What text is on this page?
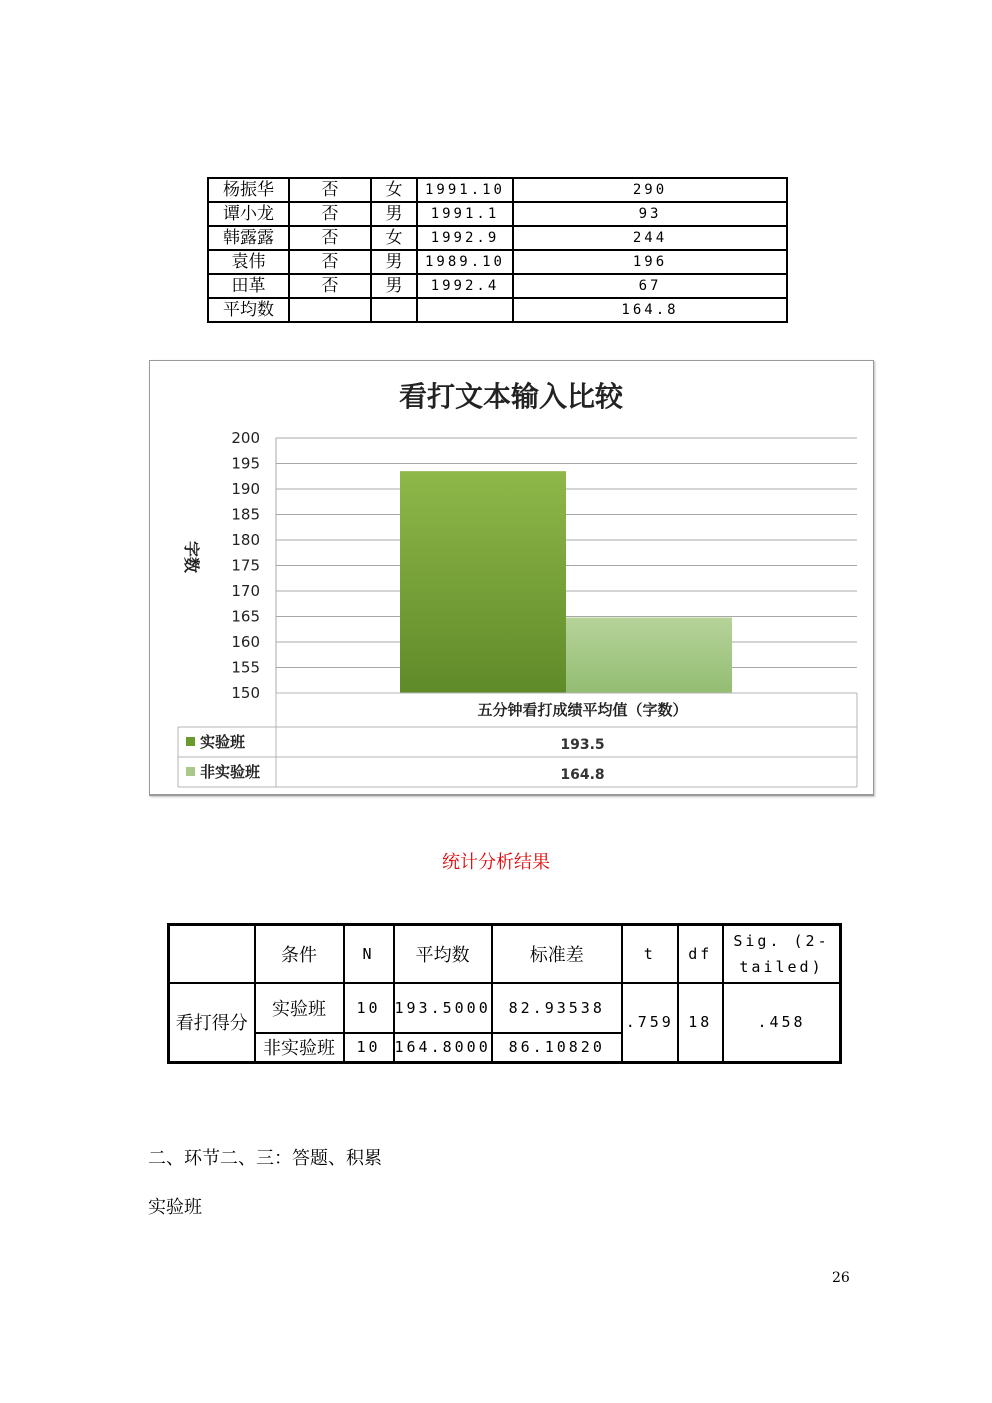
杨振华	否	女	1991.10	290
谭小龙	否	男	1991.1	93
韩露露	否	女	1992.9	244
袁伟	否	男	1989.10	196
田革	否	男	1992.4	67
平均数				164.8
看打文本输入比较
150
155
160
165
170
175
180
185
190
195
200
字数
五分钟看打成绩平均值（字数）
实验班	193.5
非实验班	164.8
统计分析结果
	条件	N	平均数	标准差	t	df	Sig. (2-
tailed)

看打得分	实验班	10	193.5000	82.93538	.759	18	.458
	非实验班	10	164.8000	86.10820			
二、环节二、三：答题、积累
实验班
26
